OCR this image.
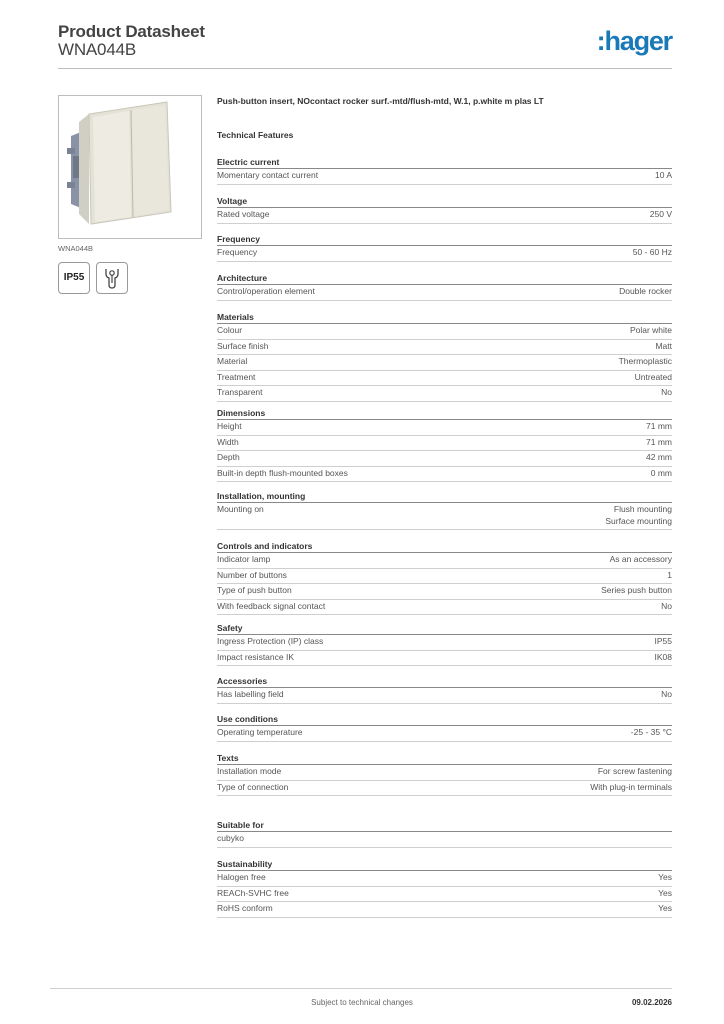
Product Datasheet
WNA044B	:hager
WNA044B
IP55
Push-button insert, NOcontact rocker surf.-mtd/flush-mtd, W.1, p.white m plas LT
Technical Features
Electric current
Momentary contact current	10 A
Voltage
Rated voltage	250 V
Frequency
Frequency	50 - 60 Hz
Architecture
Control/operation element	Double rocker
Materials
Colour	Polar white
Surface finish	Matt
Material	Thermoplastic
Treatment	Untreated
Transparent	No
Dimensions
Height	71 mm
Width	71 mm
Depth	42 mm
Built-in depth flush-mounted boxes	0 mm
Installation, mounting
Mounting on	Flush mounting
Surface mounting
Controls and indicators
Indicator lamp	As an accessory
Number of buttons	1
Type of push button	Series push button
With feedback signal contact	No
Safety
Ingress Protection (IP) class	IP55
Impact resistance IK	IK08
Accessories
Has labelling field	No
Use conditions
Operating temperature	-25 - 35 °C
Texts
Installation mode	For screw fastening
Type of connection	With plug-in terminals
Suitable for
cubyko
Sustainability
Halogen free	Yes
REACh-SVHC free	Yes
RoHS conform	Yes
Subject to technical changes	09.02.2026
